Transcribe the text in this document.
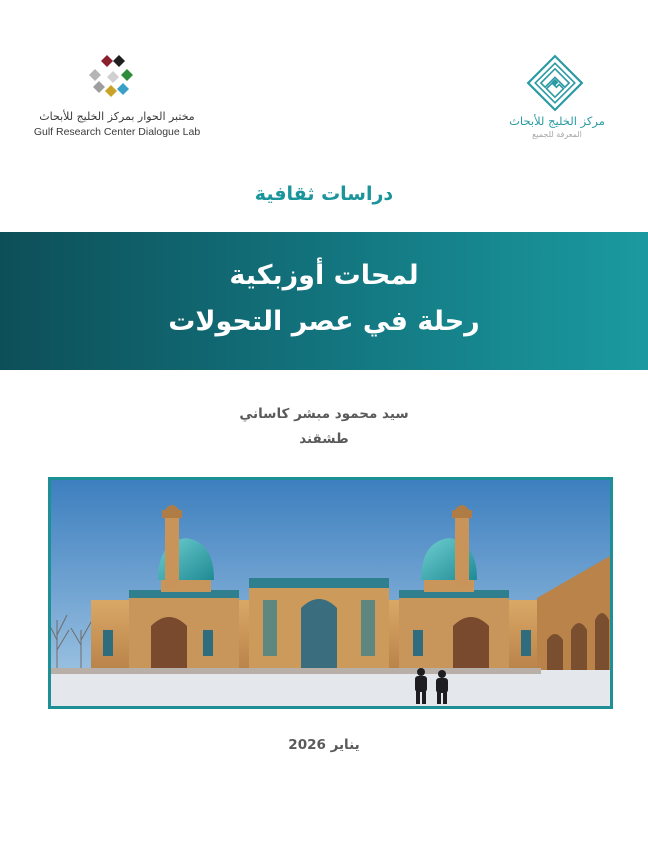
مختبر الحوار بمركز الخليج للأبحاث
Gulf Research Center Dialogue Lab
مركز الخليج للأبحاث
المعرفة للجميع
دراسات ثقافية
لمحات أوزبكية
رحلة في عصر التحولات
سيد محمود مبشر كاساني
طشقند
يناير 2026
